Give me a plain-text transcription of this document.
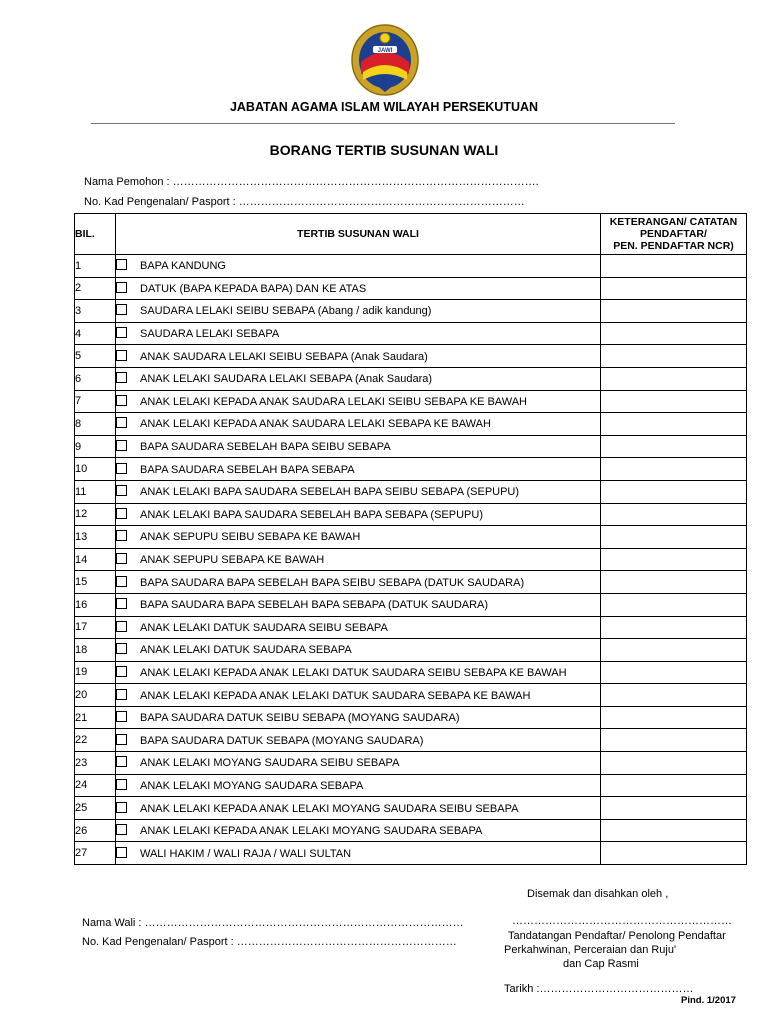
JAWI
JABATAN AGAMA ISLAM WILAYAH PERSEKUTUAN
BORANG TERTIB SUSUNAN WALI
Nama Pemohon : ……………………………………………………………………………………….
No. Kad Pengenalan/ Pasport : ……………………………………………………………………
BIL.	TERTIB SUSUNAN WALI	KETERANGAN/ CATATAN PENDAFTAR/
PEN. PENDAFTAR NCR)
1	BAPA KANDUNG	
2	DATUK (BAPA KEPADA BAPA) DAN KE ATAS	
3	SAUDARA LELAKI SEIBU SEBAPA (Abang / adik kandung)	
4	SAUDARA LELAKI SEBAPA	
5	ANAK SAUDARA LELAKI SEIBU SEBAPA (Anak Saudara)	
6	ANAK LELAKI SAUDARA LELAKI SEBAPA (Anak Saudara)	
7	ANAK LELAKI KEPADA ANAK SAUDARA LELAKI SEIBU SEBAPA KE BAWAH	
8	ANAK LELAKI KEPADA ANAK SAUDARA LELAKI SEBAPA KE BAWAH	
9	BAPA SAUDARA SEBELAH BAPA SEIBU SEBAPA	
10	BAPA SAUDARA SEBELAH BAPA SEBAPA	
11	ANAK LELAKI BAPA SAUDARA SEBELAH BAPA SEIBU SEBAPA (SEPUPU)	
12	ANAK LELAKI BAPA SAUDARA SEBELAH BAPA SEBAPA (SEPUPU)	
13	ANAK SEPUPU SEIBU SEBAPA KE BAWAH	
14	ANAK SEPUPU SEBAPA KE BAWAH	
15	BAPA SAUDARA BAPA SEBELAH BAPA SEIBU SEBAPA (DATUK SAUDARA)	
16	BAPA SAUDARA BAPA SEBELAH BAPA SEBAPA (DATUK SAUDARA)	
17	ANAK LELAKI DATUK SAUDARA SEIBU SEBAPA	
18	ANAK LELAKI DATUK SAUDARA SEBAPA	
19	ANAK LELAKI KEPADA ANAK LELAKI DATUK SAUDARA SEIBU SEBAPA KE BAWAH	
20	ANAK LELAKI KEPADA ANAK LELAKI DATUK SAUDARA SEBAPA KE BAWAH	
21	BAPA SAUDARA DATUK SEIBU SEBAPA (MOYANG SAUDARA)	
22	BAPA SAUDARA DATUK SEBAPA (MOYANG SAUDARA)	
23	ANAK LELAKI MOYANG SAUDARA SEIBU SEBAPA	
24	ANAK LELAKI MOYANG SAUDARA SEBAPA	
25	ANAK LELAKI KEPADA ANAK LELAKI MOYANG SAUDARA SEIBU SEBAPA	
26	ANAK LELAKI KEPADA ANAK LELAKI MOYANG SAUDARA SEBAPA	
27	WALI HAKIM / WALI RAJA / WALI SULTAN	
Disemak dan disahkan oleh ,
Nama Wali : ……………………………………………………………………………
No. Kad Pengenalan/ Pasport : ……………………………………………………
……………………………………………………
Tandatangan Pendaftar/ Penolong Pendaftar
Perkahwinan, Perceraian dan Ruju'
dan Cap Rasmi
Tarikh :……………………………………
Pind. 1/2017
